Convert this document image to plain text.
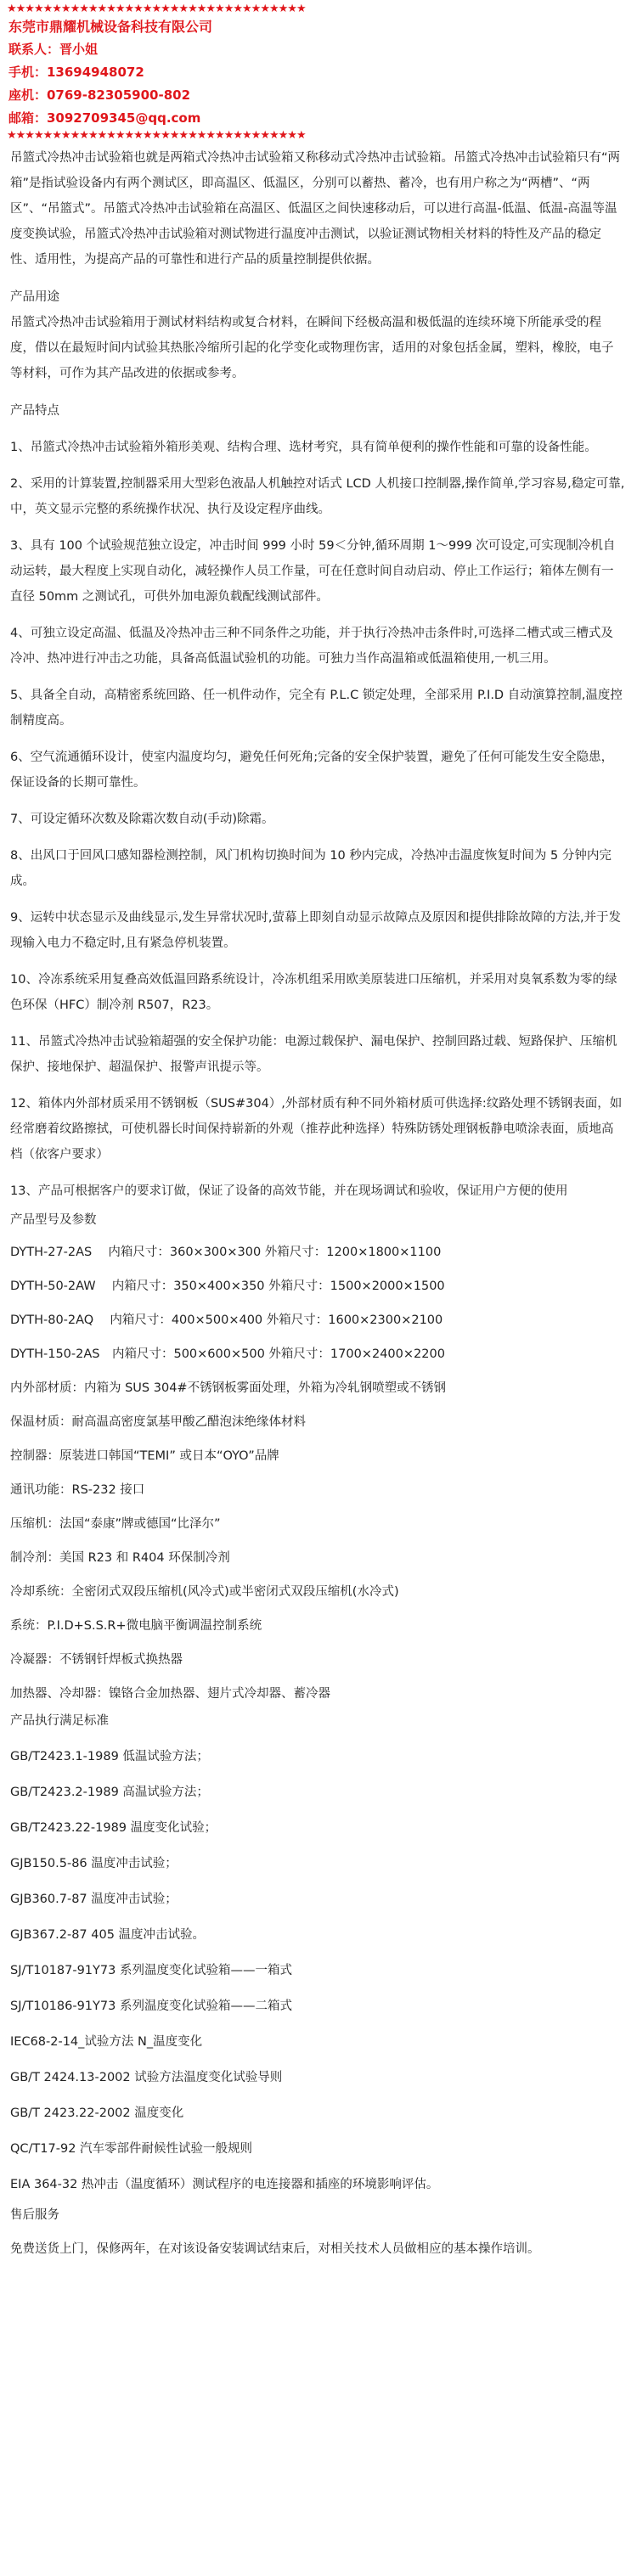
★★★★★★★★★★★★★★★★★★★★★★★★★★★★★★★★★
东莞市鼎耀机械设备科技有限公司
联系人：晋小姐
手机：13694948072
座机：0769-82305900-802
邮箱：3092709345@qq.com
★★★★★★★★★★★★★★★★★★★★★★★★★★★★★★★★★

吊篮式冷热冲击试验箱也就是两箱式冷热冲击试验箱又称移动式冷热冲击试验箱。吊篮式冷热冲击试验箱只有“两箱”是指试验设备内有两个测试区，即高温区、低温区，分别可以蓄热、蓄冷，也有用户称之为“两槽”、“两区”、“吊篮式”。吊篮式冷热冲击试验箱在高温区、低温区之间快速移动后，可以进行高温-低温、低温-高温等温度变换试验，吊篮式冷热冲击试验箱对测试物进行温度冲击测试，以验证测试物相关材料的特性及产品的稳定性、适用性，为提高产品的可靠性和进行产品的质量控制提供依据。

产品用途

吊篮式冷热冲击试验箱用于测试材料结构或复合材料，在瞬间下经极高温和极低温的连续环境下所能承受的程度，借以在最短时间内试验其热胀冷缩所引起的化学变化或物理伤害，适用的对象包括金属，塑料，橡胶，电子等材料，可作为其产品改进的依据或参考。

产品特点

1、吊篮式冷热冲击试验箱外箱形美观、结构合理、选材考究，具有简单便利的操作性能和可靠的设备性能。

2、采用的计算装置,控制器采用大型彩色液晶人机触控对话式 LCD 人机接口控制器,操作简单,学习容易,稳定可靠,中，英文显示完整的系统操作状况、执行及设定程序曲线。

3、具有 100 个试验规范独立设定，冲击时间 999 小时 59＜分钟,循环周期 1～999 次可设定,可实现制冷机自动运转，最大程度上实现自动化，减轻操作人员工作量，可在任意时间自动启动、停止工作运行；箱体左侧有一直径 50mm 之测试孔，可供外加电源负载配线测试部件。

4、可独立设定高温、低温及冷热冲击三种不同条件之功能，并于执行冷热冲击条件时,可选择二槽式或三槽式及冷冲、热冲进行冲击之功能，具备高低温试验机的功能。可独力当作高温箱或低温箱使用,一机三用。

5、具备全自动，高精密系统回路、任一机件动作，完全有 P.L.C 锁定处理，全部采用 P.I.D 自动演算控制,温度控制精度高。

6、空气流通循环设计，使室内温度均匀，避免任何死角;完备的安全保护装置，避免了任何可能发生安全隐患，保证设备的长期可靠性。

7、可设定循环次数及除霜次数自动(手动)除霜。

8、出风口于回风口感知器检测控制，风门机构切换时间为 10 秒内完成，冷热冲击温度恢复时间为 5 分钟内完成。

9、运转中状态显示及曲线显示,发生异常状况时,萤幕上即刻自动显示故障点及原因和提供排除故障的方法,并于发现输入电力不稳定时,且有紧急停机装置。

10、冷冻系统采用复叠高效低温回路系统设计，冷冻机组采用欧美原装进口压缩机，并采用对臭氧系数为零的绿色环保（HFC）制冷剂 R507，R23。

11、吊篮式冷热冲击试验箱超强的安全保护功能：电源过载保护、漏电保护、控制回路过载、短路保护、压缩机保护、接地保护、超温保护、报警声讯提示等。

12、箱体内外部材质采用不锈钢板（SUS#304）,外部材质有种不同外箱材质可供选择:纹路处理不锈钢表面，如经常磨着纹路擦拭，可使机器长时间保持崭新的外观（推荐此种选择）特殊防锈处理钢板静电喷涂表面，质地高档（依客户要求）

13、产品可根据客户的要求订做，保证了设备的高效节能，并在现场调试和验收，保证用户方便的使用

产品型号及参数

DYTH-27-2AS　 内箱尺寸：360×300×300 外箱尺寸：1200×1800×1100

DYTH-50-2AW　 内箱尺寸：350×400×350 外箱尺寸：1500×2000×1500

DYTH-80-2AQ　 内箱尺寸：400×500×400 外箱尺寸：1600×2300×2100

DYTH-150-2AS　内箱尺寸：500×600×500 外箱尺寸：1700×2400×2200

内外部材质：内箱为 SUS 304#不锈钢板雾面处理，外箱为冷轧钢喷塑或不锈钢

保温材质：耐高温高密度氯基甲酸乙醋泡沫绝缘体材料

控制器：原装进口韩国“TEMI” 或日本“OYO”品牌

通讯功能：RS-232 接口

压缩机：法国“泰康”牌或德国“比泽尔”

制冷剂：美国 R23 和 R404 环保制冷剂

冷却系统：全密闭式双段压缩机(风冷式)或半密闭式双段压缩机(水冷式)

系统：P.I.D+S.S.R+微电脑平衡调温控制系统

冷凝器：不锈钢钎焊板式换热器

加热器、冷却器：镍铬合金加热器、翅片式冷却器、蓄冷器

产品执行满足标准

GB/T2423.1-1989 低温试验方法；

GB/T2423.2-1989 高温试验方法；

GB/T2423.22-1989 温度变化试验；

GJB150.5-86 温度冲击试验；

GJB360.7-87 温度冲击试验；

GJB367.2-87 405 温度冲击试验。

SJ/T10187-91Y73 系列温度变化试验箱——一箱式

SJ/T10186-91Y73 系列温度变化试验箱——二箱式

IEC68-2-14_试验方法 N_温度变化

GB/T 2424.13-2002 试验方法温度变化试验导则

GB/T 2423.22-2002 温度变化

QC/T17-92 汽车零部件耐候性试验一般规则

EIA 364-32 热冲击（温度循环）测试程序的电连接器和插座的环境影响评估。

售后服务

免费送货上门，保修两年，在对该设备安装调试结束后，对相关技术人员做相应的基本操作培训。
